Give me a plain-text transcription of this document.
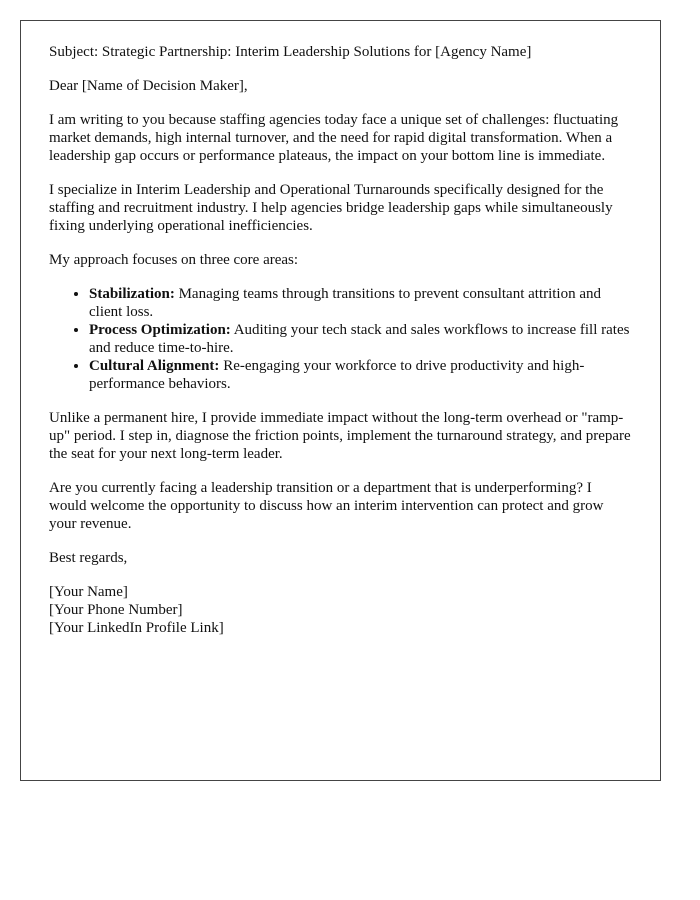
Subject: Strategic Partnership: Interim Leadership Solutions for [Agency Name]

Dear [Name of Decision Maker],

I am writing to you because staffing agencies today face a unique set of challenges: fluctuating market demands, high internal turnover, and the need for rapid digital transformation. When a leadership gap occurs or performance plateaus, the impact on your bottom line is immediate.

I specialize in Interim Leadership and Operational Turnarounds specifically designed for the staffing and recruitment industry. I help agencies bridge leadership gaps while simultaneously fixing underlying operational inefficiencies.

My approach focuses on three core areas:

• Stabilization: Managing teams through transitions to prevent consultant attrition and client loss.
• Process Optimization: Auditing your tech stack and sales workflows to increase fill rates and reduce time-to-hire.
• Cultural Alignment: Re-engaging your workforce to drive productivity and high-performance behaviors.

Unlike a permanent hire, I provide immediate impact without the long-term overhead or "ramp-up" period. I step in, diagnose the friction points, implement the turnaround strategy, and prepare the seat for your next long-term leader.

Are you currently facing a leadership transition or a department that is underperforming? I would welcome the opportunity to discuss how an interim intervention can protect and grow your revenue.

Best regards,

[Your Name]
[Your Phone Number]
[Your LinkedIn Profile Link]
